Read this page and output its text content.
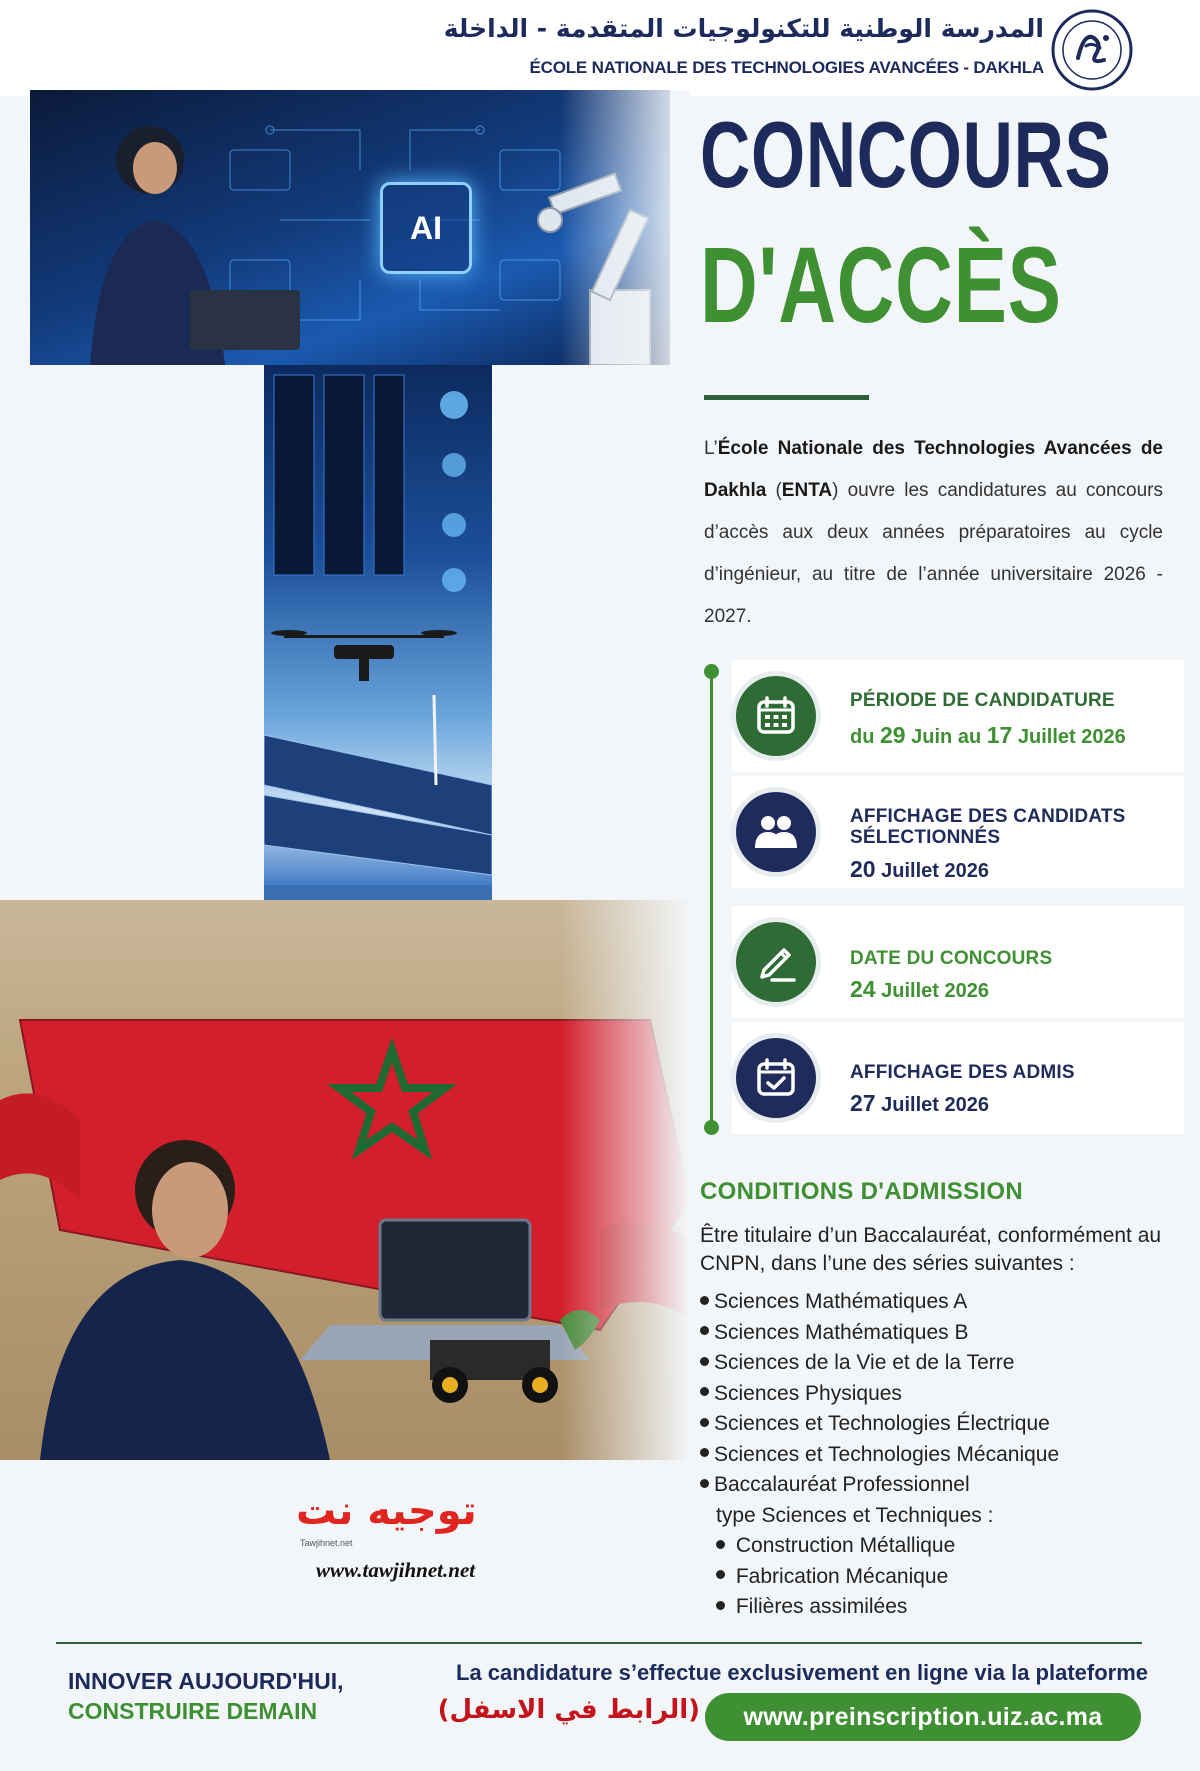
المدرسة الوطنية للتكنولوجيات المتقدمة - الداخلة
ÉCOLE NATIONALE DES TECHNOLOGIES AVANCÉES - DAKHLA
AI
CONCOURS
D'ACCÈS
L’École Nationale des Technologies Avancées de Dakhla (ENTA) ouvre les candidatures au concours d’accès aux deux années préparatoires au cycle d’ingénieur, au titre de l’année universitaire 2026 - 2027.
PÉRIODE DE CANDIDATURE
du 29 Juin au 17 Juillet 2026
AFFICHAGE DES CANDIDATS SÉLECTIONNÉS
20 Juillet 2026
DATE DU CONCOURS
24 Juillet 2026
AFFICHAGE DES ADMIS
27 Juillet 2026
CONDITIONS D'ADMISSION
Être titulaire d’un Baccalauréat, conformément au CNPN, dans l’une des séries suivantes :
Sciences Mathématiques A
Sciences Mathématiques B
Sciences de la Vie et de la Terre
Sciences Physiques
Sciences et Technologies Électrique
Sciences et Technologies Mécanique
Baccalauréat Professionnel
type Sciences et Techniques :
Construction Métallique
Fabrication Mécanique
Filières assimilées
توجيه نت
Tawjihnet.net
www.tawjihnet.net
INNOVER AUJOURD'HUI,
CONSTRUIRE DEMAIN
La candidature s’effectue exclusivement en ligne via la plateforme
(الرابط في الاسفل)	www.preinscription.uiz.ac.ma
